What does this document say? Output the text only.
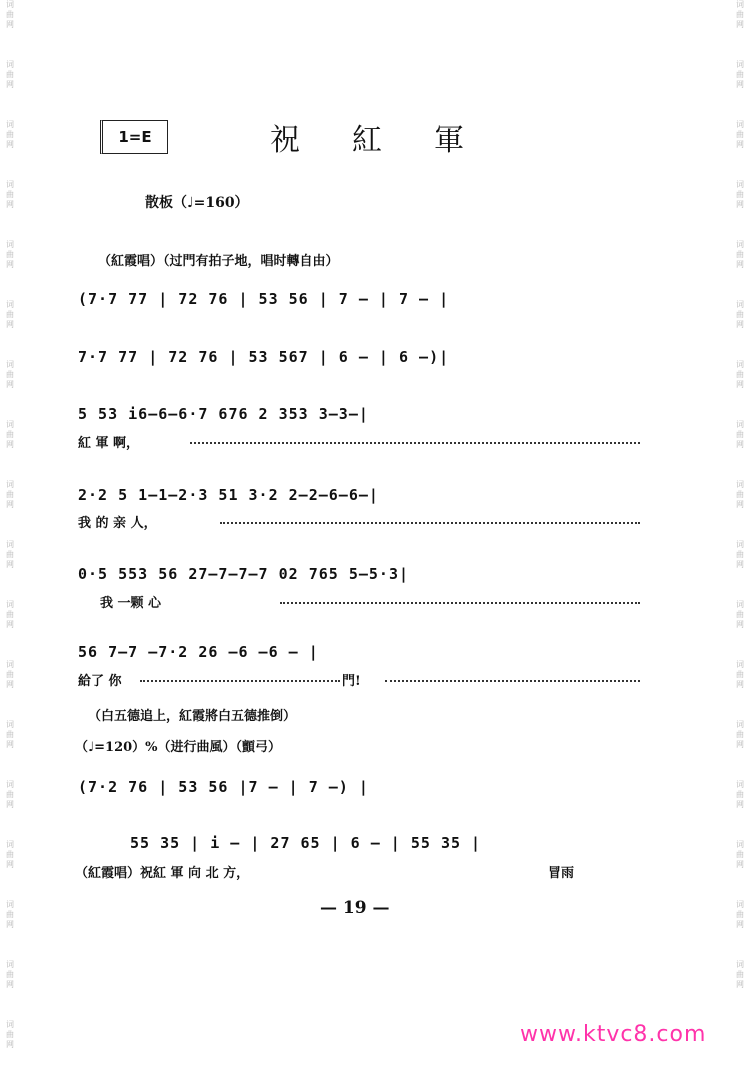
词
曲
网
词
曲
网
词
曲
网
词
曲
网
词
曲
网
词
曲
网
词
曲
网
词
曲
网
词
曲
网
词
曲
网
词
曲
网
词
曲
网
词
曲
网
词
曲
网
词
曲
网
词
曲
网
词
曲
网
词
曲
网
词
曲
网
词
曲
网
词
曲
网
词
曲
网
词
曲
网
词
曲
网
词
曲
网
词
曲
网
词
曲
网
词
曲
网
词
曲
网
词
曲
网
词
曲
网
词
曲
网
词
曲
网
词
曲
网
词
曲
网
1=E	祝紅軍
散板（♩=160）
（紅霞唱）（过門有拍子地，唱时轉自由）
(7·7 77 | 72 76 | 53 56 | 7 — | 7 — |
7·7 77 | 72 76 | 53 567 | 6 — | 6 —)|
5 53 i6—6—6·7 676 2 353 3—3—|
紅 軍 啊，
2·2 5 1—1—2·3 51 3·2 2—2—6—6—|
我 的 亲 人，
0·5 553 56 27—7—7—7 02 765 5—5·3|
我 一颗 心
56 7—7 —7·2 26 —6 —6 — |
給了 你	門!
（白五德追上，紅霞將白五德推倒）
（♩=120）%（进行曲風）（顫弓）
(7·2 76 | 53 56 |7 — | 7 —) |
55 35 | i — | 27 65 | 6 — | 55 35 |
（紅霞唱）祝紅 軍 向 北 方，	冒雨
— 19 —
www.ktvc8.com
